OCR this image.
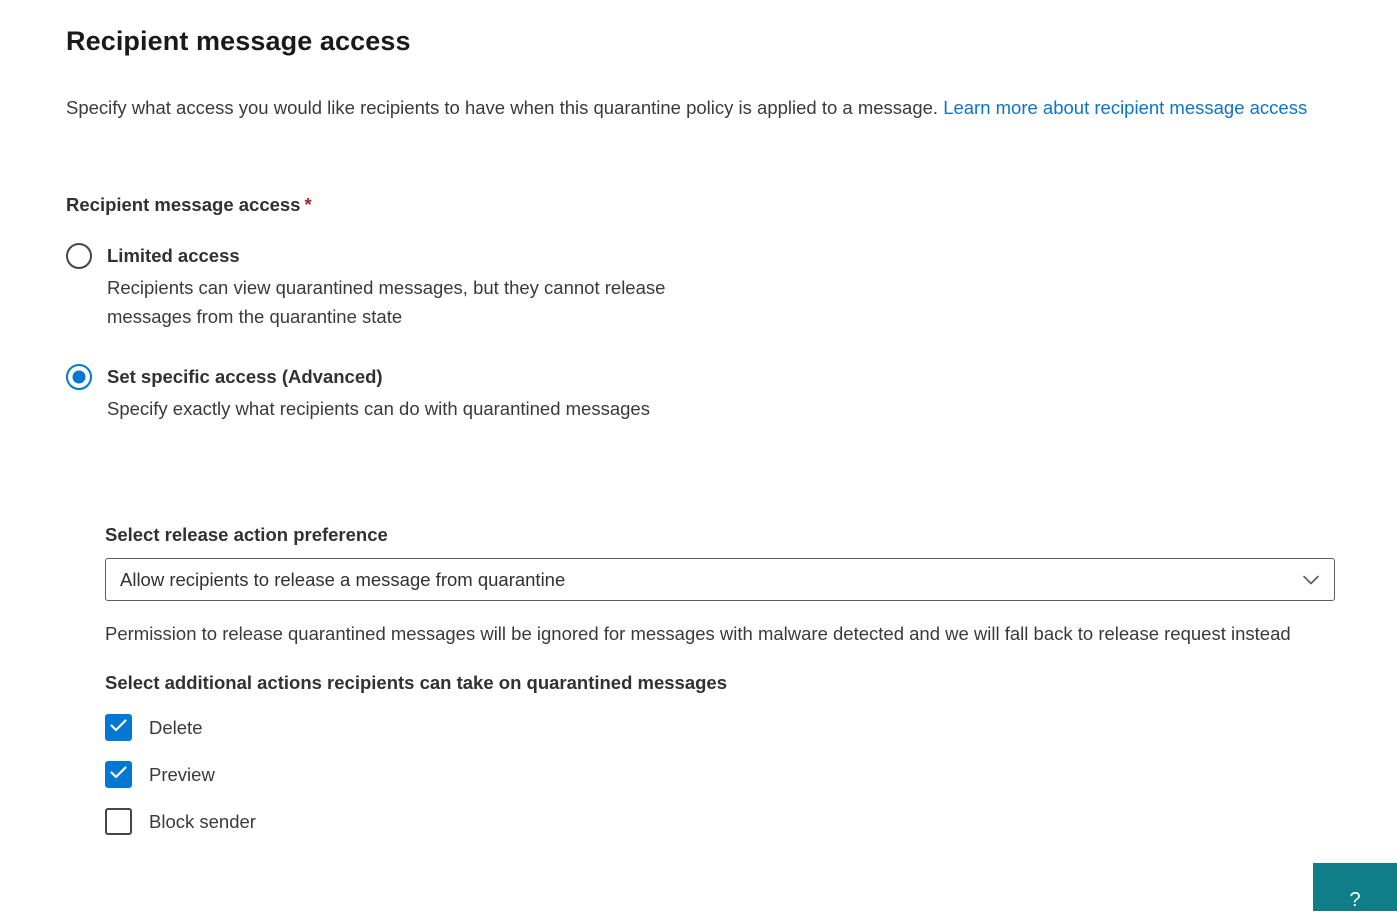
Recipient message access

Specify what access you would like recipients to have when this quarantine policy is applied to a message. Learn more about recipient message access

Recipient message access *
Limited access
Recipients can view quarantined messages, but they cannot release messages from the quarantine state
Set specific access (Advanced)
Specify exactly what recipients can do with quarantined messages
Select release action preference
Allow recipients to release a message from quarantine
Permission to release quarantined messages will be ignored for messages with malware detected and we will fall back to release request instead
Select additional actions recipients can take on quarantined messages
Delete
Preview
Block sender
?
